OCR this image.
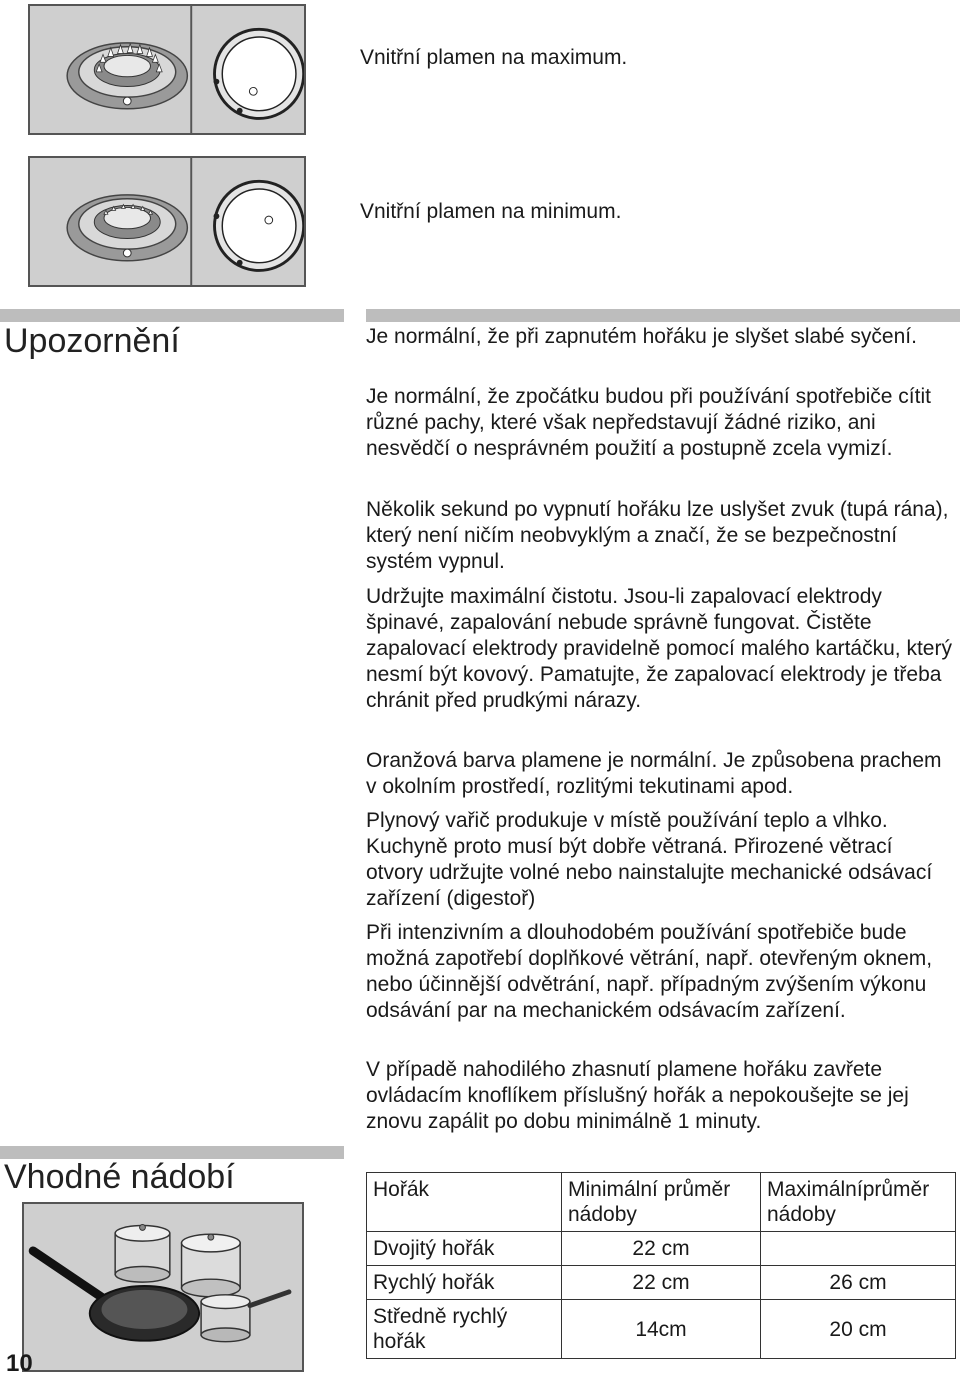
Vnitřní plamen na maximum.
Vnitřní plamen na minimum.
Upozornění	Je normální, že při zapnutém hořáku je slyšet slabé syčení.

Je normální, že zpočátku budou při používání spotřebiče cítit různé pachy, které však nepředstavují žádné riziko, ani nesvědčí o nesprávném použití a postupně zcela vymizí.

Několik sekund po vypnutí hořáku lze uslyšet zvuk (tupá rána), který není ničím neobvyklým a značí, že se bezpečnostní systém vypnul.

Udržujte maximální čistotu. Jsou-li zapalovací elektrody špinavé, zapalování nebude správně fungovat. Čistěte zapalovací elektrody pravidelně pomocí malého kartáčku, který nesmí být kovový. Pamatujte, že zapalovací elektrody je třeba chránit před prudkými nárazy.

Oranžová barva plamene je normální. Je způsobena prachem v okolním prostředí, rozlitými tekutinami apod.

Plynový vařič produkuje v místě používání teplo a vlhko. Kuchyně proto musí být dobře větraná. Přirozené větrací otvory udržujte volné nebo nainstalujte mechanické odsávací zařízení (digestoř)

Při intenzivním a dlouhodobém používání spotřebiče bude možná zapotřebí doplňkové větrání, např. otevřeným oknem, nebo účinnější odvětrání, např. případným zvýšením výkonu odsávání par na mechanickém odsávacím zařízení.

V případě nahodilého zhasnutí plamene hořáku zavřete ovládacím knoflíkem příslušný hořák a nepokoušejte se jej znovu zapálit po dobu minimálně 1 minuty.

Vhodné nádobí	Hořák	Minimální průměr nádoby	Maximálníprůměr nádoby
Dvojitý hořák	22 cm	
Rychlý hořák	22 cm	26 cm
Středně rychlý hořák	14cm	20 cm
10
